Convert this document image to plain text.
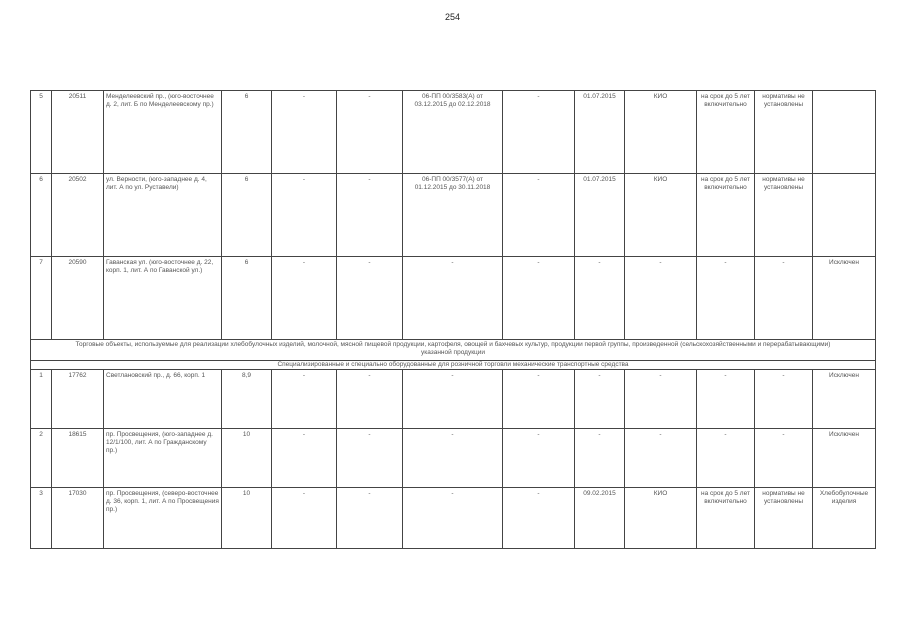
254
5	20511	Менделеевский пр., (юго-восточнее д. 2, лит. Б по Менделеевскому пр.)	6	-	-	06-ПП 00/3583(А) от 03.12.2015 до 02.12.2018	-	01.07.2015	КИО	на срок до 5 лет включительно	нормативы не установлены	
6	20502	ул. Верности, (юго-западнее д. 4, лит. А по ул. Руставели)	6	-	-	06-ПП 00/3577(А) от 01.12.2015 до 30.11.2018	-	01.07.2015	КИО	на срок до 5 лет включительно	нормативы не установлены	
7	20590	Гаванская ул. (юго-восточнее д. 22, корп. 1, лит. А по Гаванской ул.)	6	-	-	-	-	-	-	-	-	Исключен
Торговые объекты, используемые для реализации хлебобулочных изделий, молочной, мясной пищевой продукции, картофеля, овощей и бахчевых культур, продукции первой группы, произведенной (сельскохозяйственными и перерабатывающими) указанной продукции												
Специализированные и специально оборудованные для розничной торговли механические транспортные средства												
1	17762	Светлановский пр., д. 66, корп. 1	8,9	-	-	-	-	-	-	-	-	Исключен
2	18615	пр. Просвещения, (юго-западнее д. 12/1/100, лит. А по Гражданскому пр.)	10	-	-	-	-	-	-	-	-	Исключен
3	17030	пр. Просвещения, (северо-восточнее д. 36, корп. 1, лит. А по Просвещения пр.)	10	-	-	-	-	09.02.2015	КИО	на срок до 5 лет включительно	нормативы не установлены	Хлебобулочные изделия
